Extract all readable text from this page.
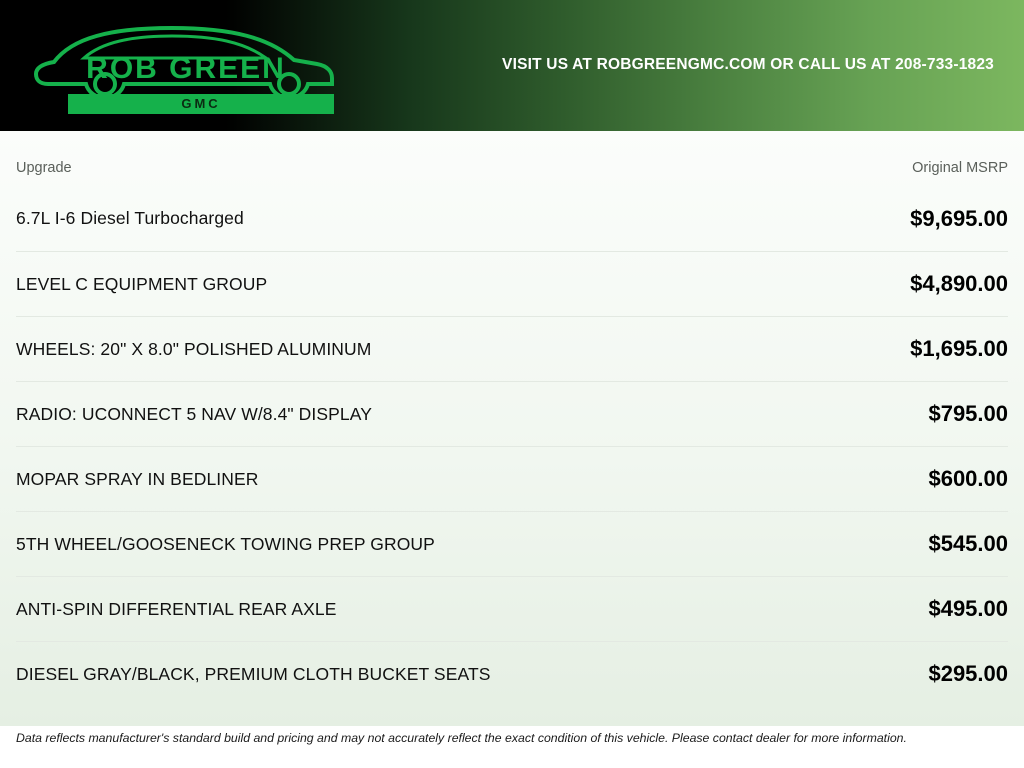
ROB GREEN
GMC
VISIT US AT ROBGREENGMC.COM OR CALL US AT 208-733-1823
Upgrade	Original MSRP
6.7L I-6 Diesel Turbocharged	$9,695.00
LEVEL C EQUIPMENT GROUP	$4,890.00
WHEELS: 20" X 8.0" POLISHED ALUMINUM	$1,695.00
RADIO: UCONNECT 5 NAV W/8.4" DISPLAY	$795.00
MOPAR SPRAY IN BEDLINER	$600.00
5TH WHEEL/GOOSENECK TOWING PREP GROUP	$545.00
ANTI-SPIN DIFFERENTIAL REAR AXLE	$495.00
DIESEL GRAY/BLACK, PREMIUM CLOTH BUCKET SEATS	$295.00
Data reflects manufacturer's standard build and pricing and may not accurately reflect the exact condition of this vehicle. Please contact dealer for more information.
